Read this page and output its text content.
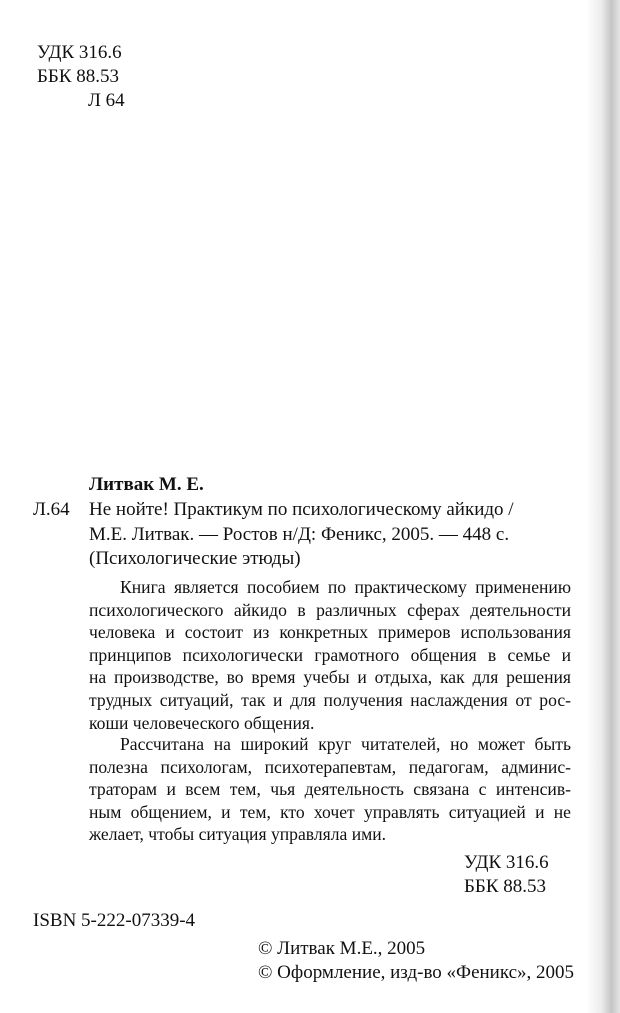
УДК 316.6
ББК 88.53
Л 64
Литвак М. Е.
Л.64 Не нойте! Практикум по психологическому айкидо /
М.Е. Литвак. — Ростов н/Д: Феникс, 2005. — 448 с.
(Психологические этюды)
Книга является пособием по практическому применению
психологического айкидо в различных сферах деятельности
человека и состоит из конкретных примеров использования
принципов психологически грамотного общения в семье и
на производстве, во время учебы и отдыха, как для решения
трудных ситуаций, так и для получения наслаждения от рос-
коши человеческого общения.
Рассчитана на широкий круг читателей, но может быть
полезна психологам, психотерапевтам, педагогам, админис-
траторам и всем тем, чья деятельность связана с интенсив-
ным общением, и тем, кто хочет управлять ситуацией и не
желает, чтобы ситуация управляла ими.
УДК 316.6
ББК 88.53
ISBN 5-222-07339-4
© Литвак М.Е., 2005
© Оформление, изд-во «Феникс», 2005
